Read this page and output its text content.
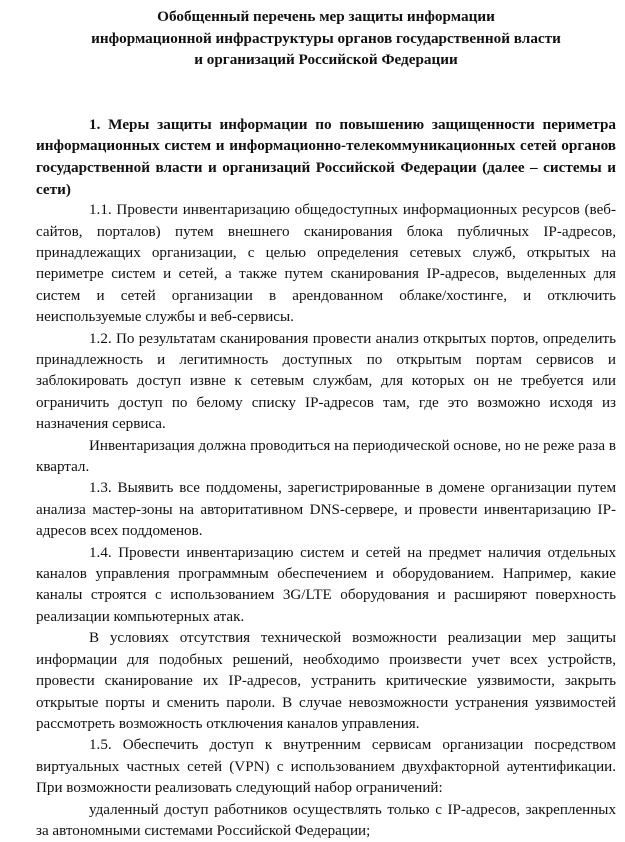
Обобщенный перечень мер защиты информации
информационной инфраструктуры органов государственной власти
и организаций Российской Федерации

1. Меры защиты информации по повышению защищенности периметра информационных систем и информационно-телекоммуникационных сетей органов государственной власти и организаций Российской Федерации (далее – системы и сети)

1.1. Провести инвентаризацию общедоступных информационных ресурсов (веб-сайтов, порталов) путем внешнего сканирования блока публичных IP-адресов, принадлежащих организации, с целью определения сетевых служб, открытых на периметре систем и сетей, а также путем сканирования IP-адресов, выделенных для систем и сетей организации в арендованном облаке/хостинге, и отключить неиспользуемые службы и веб-сервисы.

1.2. По результатам сканирования провести анализ открытых портов, определить принадлежность и легитимность доступных по открытым портам сервисов и заблокировать доступ извне к сетевым службам, для которых он не требуется или ограничить доступ по белому списку IP-адресов там, где это возможно исходя из назначения сервиса.

Инвентаризация должна проводиться на периодической основе, но не реже раза в квартал.

1.3. Выявить все поддомены, зарегистрированные в домене организации путем анализа мастер-зоны на авторитативном DNS-сервере, и провести инвентаризацию IP-адресов всех поддоменов.

1.4. Провести инвентаризацию систем и сетей на предмет наличия отдельных каналов управления программным обеспечением и оборудованием. Например, какие каналы строятся с использованием 3G/LTE оборудования и расширяют поверхность реализации компьютерных атак.

В условиях отсутствия технической возможности реализации мер защиты информации для подобных решений, необходимо произвести учет всех устройств, провести сканирование их IP-адресов, устранить критические уязвимости, закрыть открытые порты и сменить пароли. В случае невозможности устранения уязвимостей рассмотреть возможность отключения каналов управления.

1.5. Обеспечить доступ к внутренним сервисам организации посредством виртуальных частных сетей (VPN) с использованием двухфакторной аутентификации. При возможности реализовать следующий набор ограничений:

удаленный доступ работников осуществлять только с IP-адресов, закрепленных за автономными системами Российской Федерации;
